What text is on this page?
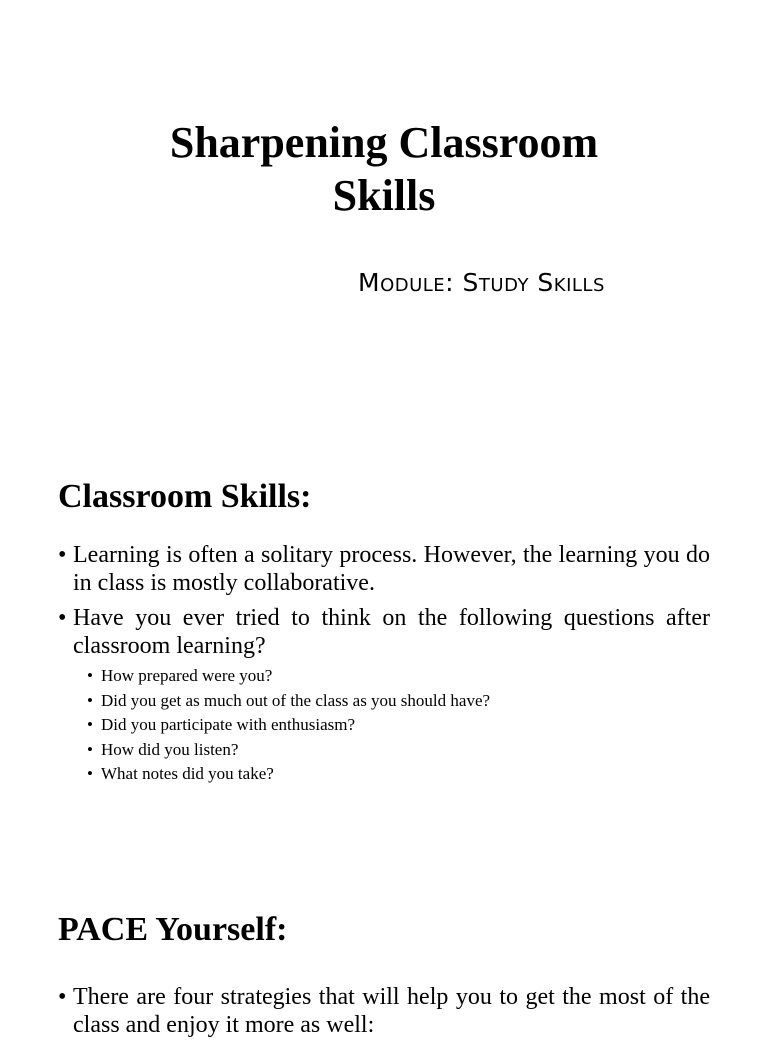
Sharpening Classroom
Skills
Module: Study Skills
Classroom Skills:
• Learning is often a solitary process. However, the learning you do in class is mostly collaborative.
• Have you ever tried to think on the following questions after classroom learning?
• How prepared were you?
• Did you get as much out of the class as you should have?
• Did you participate with enthusiasm?
• How did you listen?
• What notes did you take?
PACE Yourself:
• There are four strategies that will help you to get the most of the class and enjoy it more as well:
